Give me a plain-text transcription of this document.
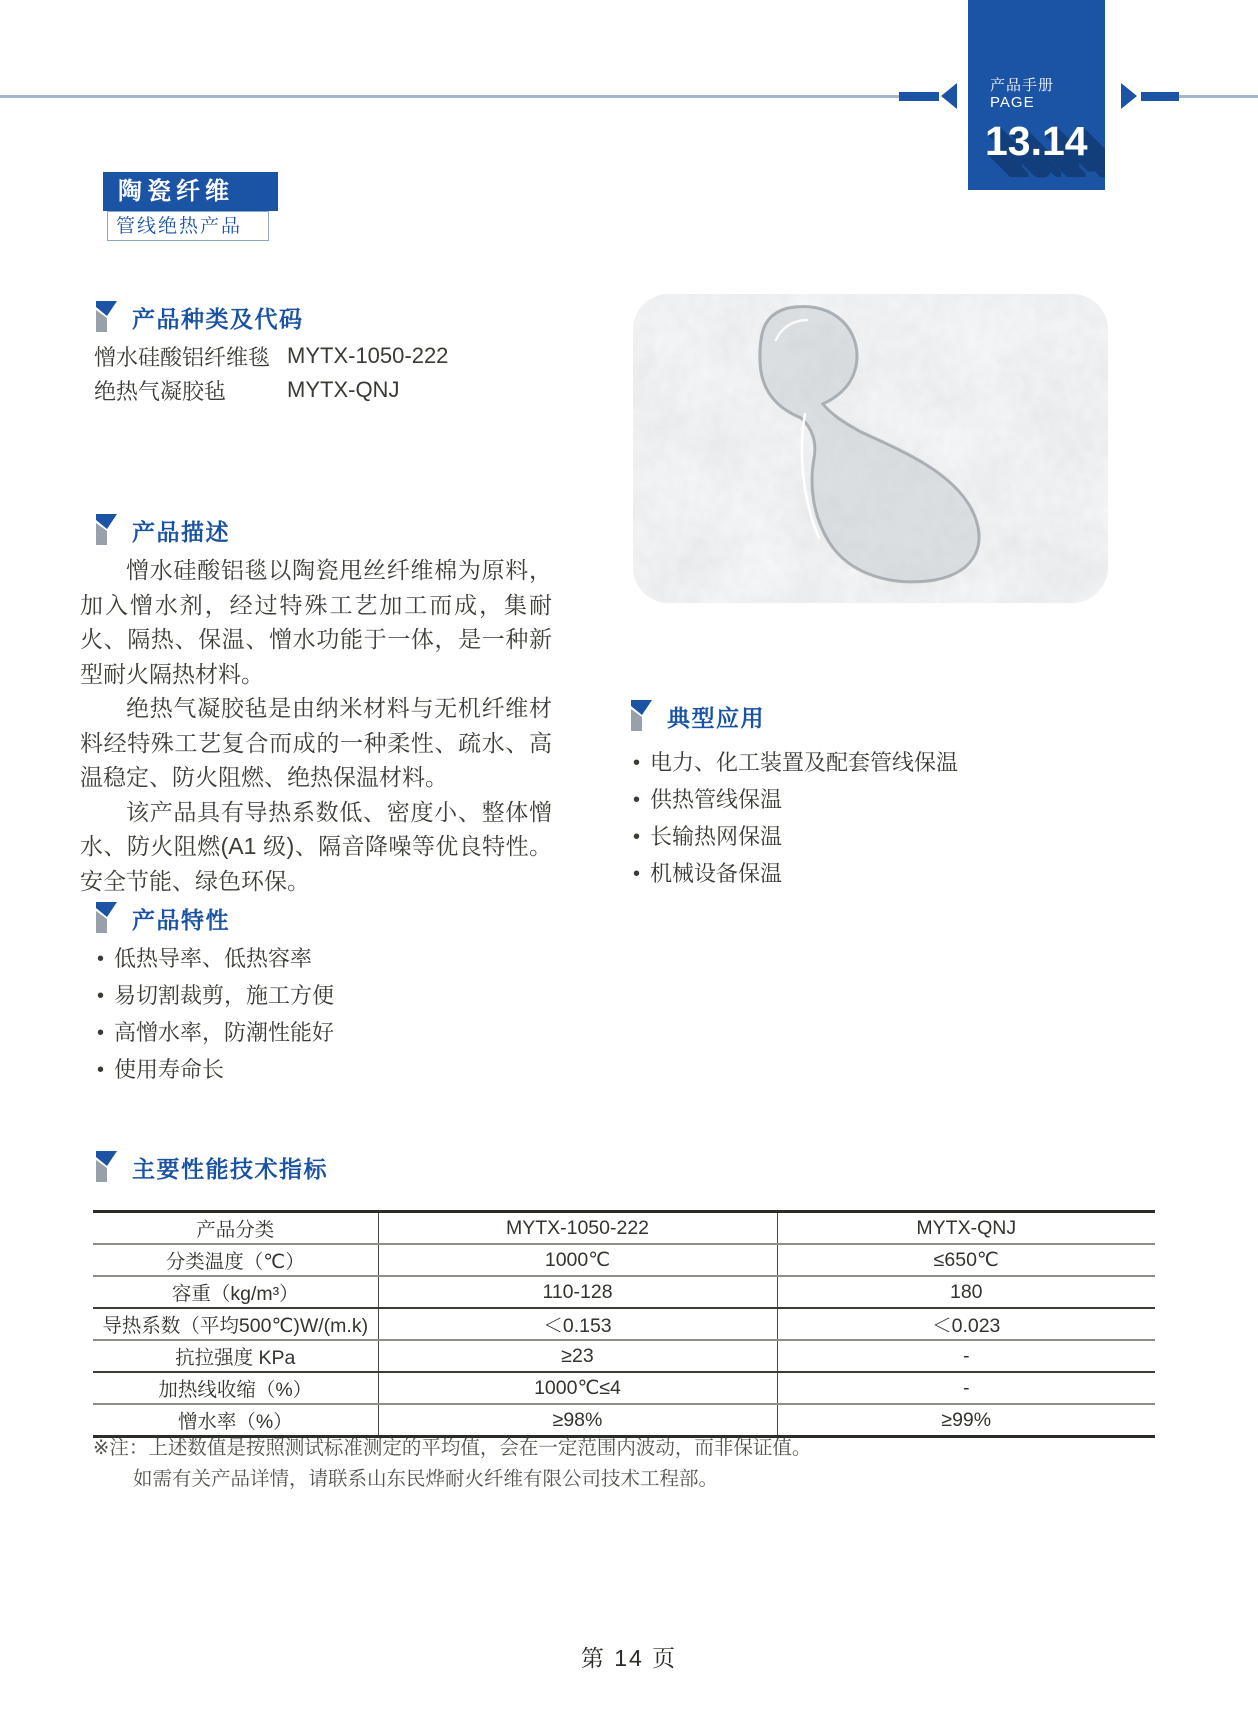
产品手册
PAGE
13.14
陶瓷纤维
管线绝热产品
产品种类及代码
憎水硅酸铝纤维毯 MYTX-1050-222
绝热气凝胶毡	MYTX-QNJ
产品描述

憎水硅酸铝毯以陶瓷甩丝纤维棉为原料，加入憎水剂，经过特殊工艺加工而成，集耐火、隔热、保温、憎水功能于一体，是一种新型耐火隔热材料。

绝热气凝胶毡是由纳米材料与无机纤维材料经特殊工艺复合而成的一种柔性、疏水、高温稳定、防火阻燃、绝热保温材料。

该产品具有导热系数低、密度小、整体憎水、防火阻燃(A1 级)、隔音降噪等优良特性。安全节能、绿色环保。

典型应用
• 电力、化工装置及配套管线保温
• 供热管线保温
• 长输热网保温
• 机械设备保温
产品特性
• 低热导率、低热容率
• 易切割裁剪，施工方便
• 高憎水率，防潮性能好
• 使用寿命长
主要性能技术指标
产品分类	MYTX-1050-222	MYTX-QNJ
分类温度（℃）	1000℃	≤650℃
容重（kg/m³）	110-128	180
导热系数（平均500℃)W/(m.k)	＜0.153	＜0.023
抗拉强度 KPa	≥23	-
加热线收缩（%）	1000℃≤4	-
憎水率（%）	≥98%	≥99%
※注：上述数值是按照测试标准测定的平均值，会在一定范围内波动，而非保证值。
如需有关产品详情，请联系山东民烨耐火纤维有限公司技术工程部。
第 14 页
